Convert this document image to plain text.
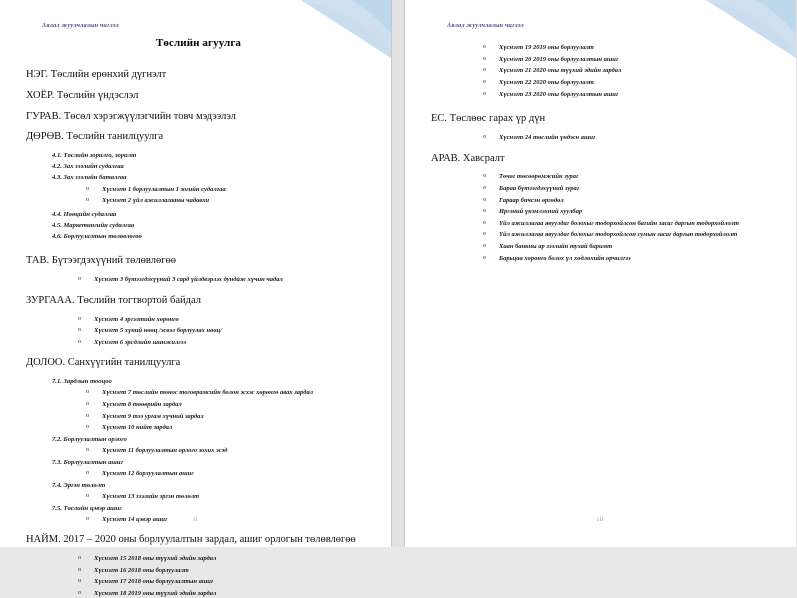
Аялал жуулчлалын чиглэл
Төслийн агуулга
НЭГ. Төслийн ерөнхий дүгнэлт
ХОЁР. Төслийн үндэслэл
ГУРАВ. Төсөл хэрэгжүүлэгчийн товч мэдээлэл
ДӨРӨВ. Төслийн танилцуулга
4.1. Төслийн зорилго, зорилт
4.2. Зах зээлийн судалгаа
4.3. Зах зээлийн баталгаа
o	Хүснэгт 1 борлуулалтын 1 зогийн судалгаа
o	Хүснэгт 2 үйл ажиллагааны чадавхи
4.4. Нөөцийн судалгаа
4.5. Маркетингийн судалгаа
4.6. Борлуулалтын төлөвлөгөө
ТАВ. Бүтээгдэхүүний төлөвлөгөө
o	Хүснэгт 3 бүтээгдэхүүний 3 сард үйлдвэрлэх дундаж хүчин чадал
ЗУРГААА. Төслийн тогтвортой байдал
o	Хүснэгт 4 эргэлтийн хөрөнгө
o	Хүснэгт 5 хүний нөөц /эсвэл борлуулах нөөц/
o	Хүснэгт 6 эрсдлийн шинжилгээ
ДОЛОО. Санхүүгийн танилцуулга
7.1. Зардлын тооцоо
o	Хүснэгт 7 төслийн тонос тоговрамсийн болон эсхэс хөрөнгө авах зардал
o	Хүснэгт 8 төөврийн зардал
o	Хүснэгт 9 тээ ургам хүчний зардал
o	Хүснэгт 10 нийт зардал
7.2. Борлуулалтын орлого
o	Хүснэгт 11 борлуулалтын орлого зохих эсэд
7.3. Борлуулалтын ашиг
o	Хүснэгт 12 борлуулалтын ашиг
7.4. Эргэн төлөлт
o	Хүснэгт 13 зээлийн эргэн төлөлт
7.5. Төслийн цэвэр ашиг
o	Хүснэгт 14 цэвэр ашиг
НАЙМ. 2017 – 2020 оны борлуулалтын зардал, ашиг орлогын төлөвлөгөө
o	Хүснэгт 15 2018 оны түүхий эдийн зардал
o	Хүснэгт 16 2018 оны борлуулалт
o	Хүснэгт 17 2018 оны борлуулалтын ашиг
o	Хүснэгт 18 2019 оны түүхий эдийн зардал
ii
Аялал жуулчлалын чиглэл
o	Хүснэгт 19 2019 оны борлуулалт
o	Хүснэгт 20 2019 оны борлуулалтын ашиг
o	Хүснэгт 21 2020 оны түүхий эдийн зардал
o	Хүснэгт 22 2020 оны борлуулалт
o	Хүснэгт 23 2020 оны борлуулалтын ашиг
ЕС. Төслөөс гарах үр дүн
o	Хүснэгт 24 төслийн үндэсн ашиг
АРАВ. Хавсралт
o	Төчөг төсөөрөмжийн зураг
o	Бараа бүтээгдэхүүний зураг
o	Гараар бичсэн өргөдөл
o	Иргэний үнэмлэхний хуулбар
o	Үйл ажиллагаа явуулдаг болохыг тодорхойлсон багийн засаг даргын тодорхойлолт
o	Үйл ажиллагаа явуулдаг болохыг тодорхойлсон сумын засаг даргын тодорхойлолт
o	Хаан банкны ар зээлийн тухай баримт
o	Барьцаа хөрөнгө болох үл хөдлөхийн өрчилгээ
iii
